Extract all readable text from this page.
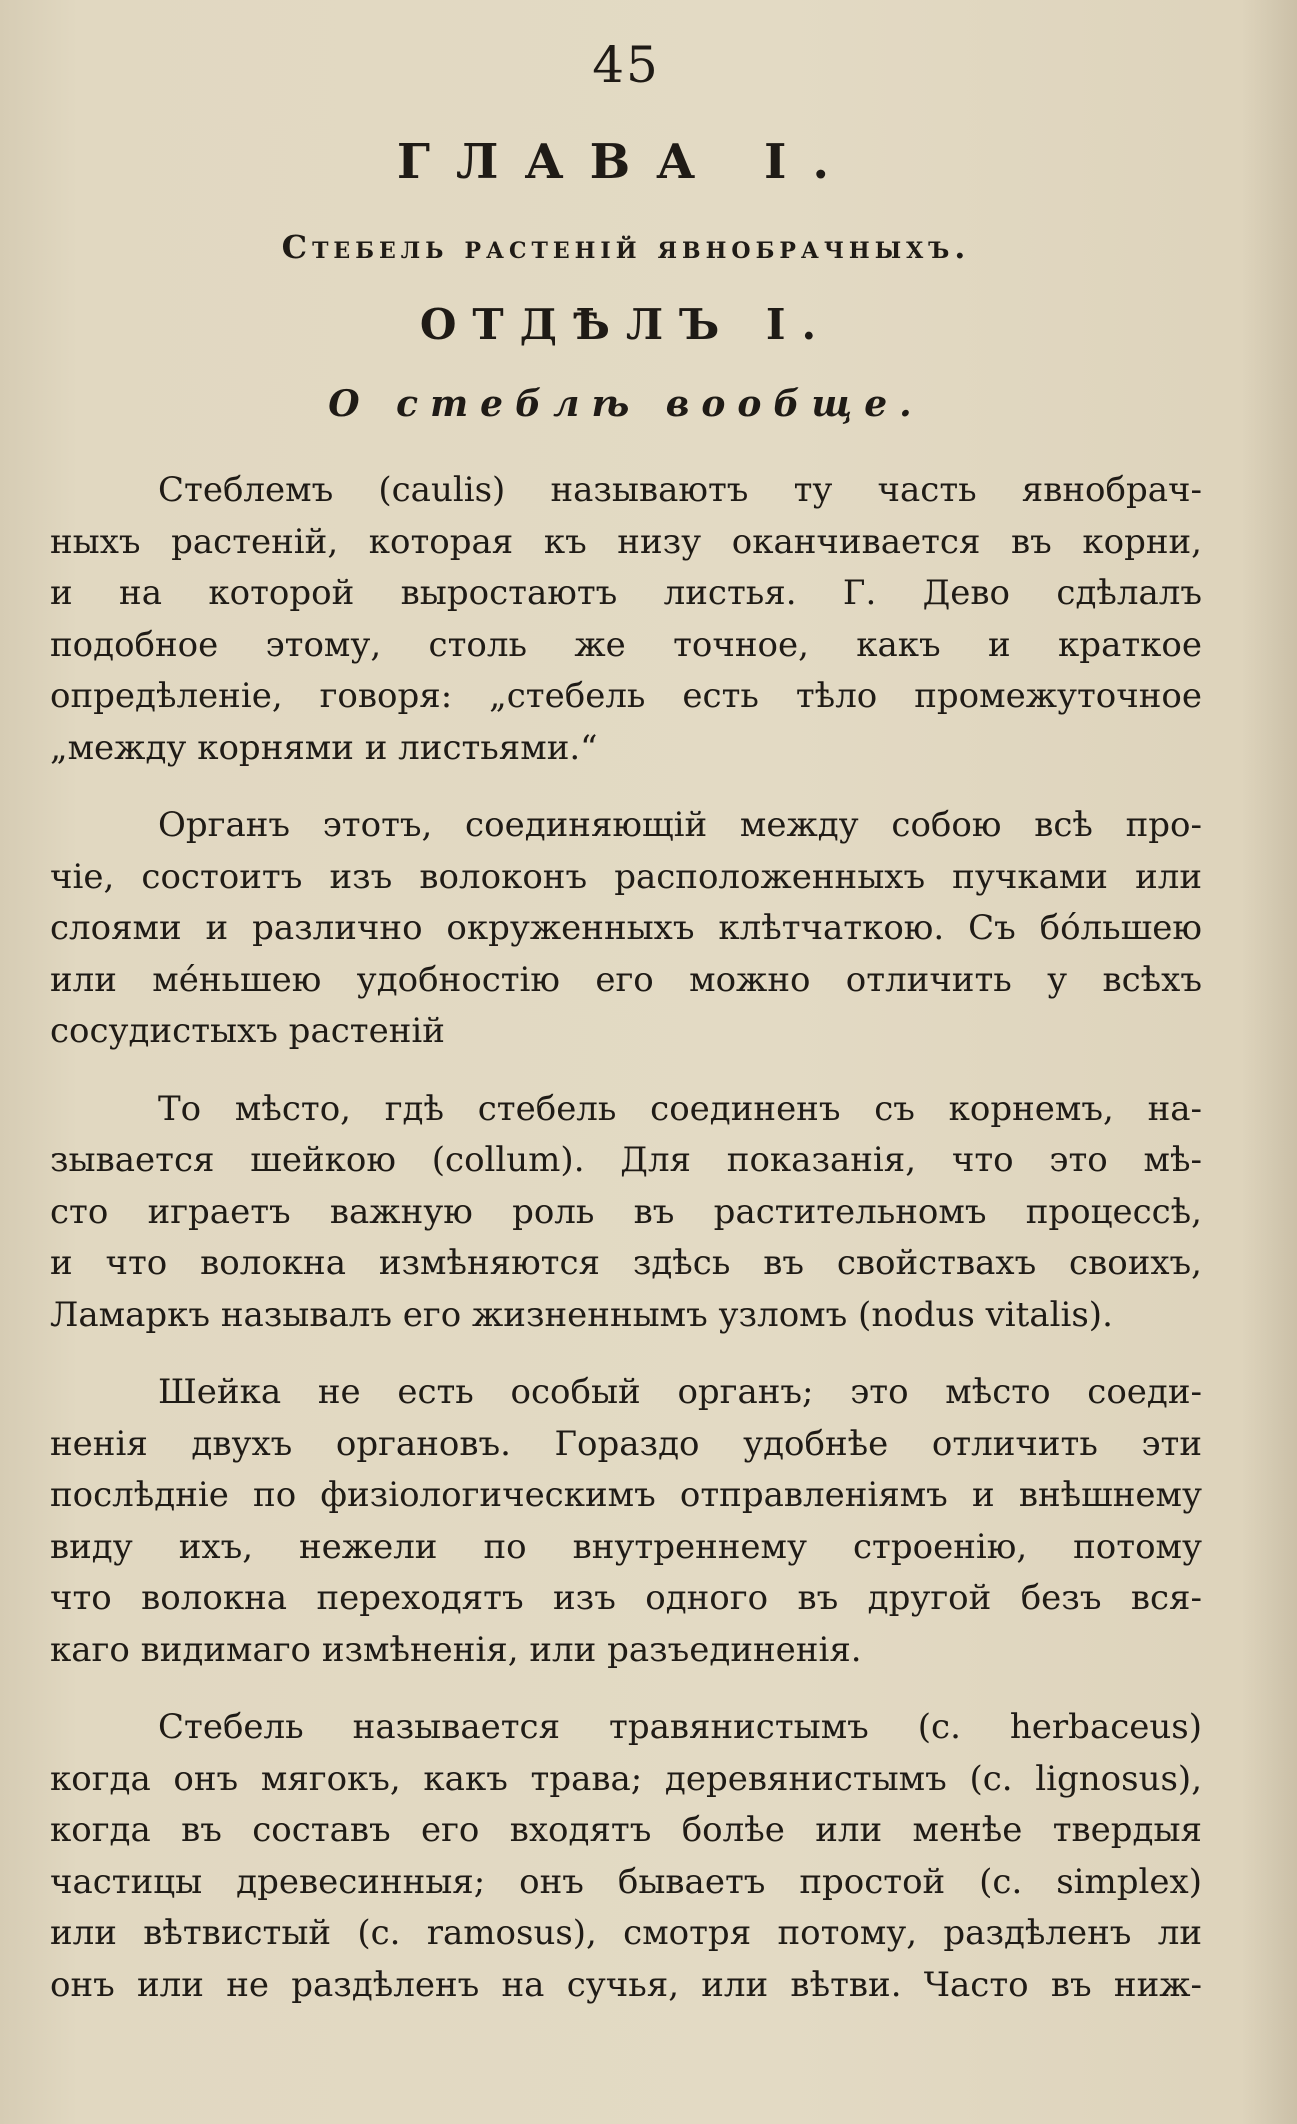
45
ГЛАВА I.
Стебель растеній явнобрачныхъ.
ОТДѢЛЪ I.
О стеблѣ вообще.
Стеблемъ (caulis) называютъ ту часть явнобрач-
ныхъ растеній, которая къ низу оканчивается въ корни,
и на которой выростаютъ листья. Г. Дево сдѣлалъ
подобное этому, столь же точное, какъ и краткое
опредѣленіе, говоря: „стебель есть тѣло промежуточное
„между корнями и листьями.“
Органъ этотъ, соединяющій между собою всѣ про-
чіе, состоитъ изъ волоконъ расположенныхъ пучками или
слоями и различно окруженныхъ клѣтчаткою. Съ бóльшею
или мéньшею удобностію его можно отличить у всѣхъ
сосудистыхъ растеній
То мѣсто, гдѣ стебель соединенъ съ корнемъ, на-
зывается шейкою (collum). Для показанія, что это мѣ-
сто играетъ важную роль въ растительномъ процессѣ,
и что волокна измѣняются здѣсь въ свойствахъ своихъ,
Ламаркъ называлъ его жизненнымъ узломъ (nodus vitalis).
Шейка не есть особый органъ; это мѣсто соеди-
ненія двухъ органовъ. Гораздо удобнѣе отличить эти
послѣдніе по физіологическимъ отправленіямъ и внѣшнему
виду ихъ, нежели по внутреннему строенію, потому
что волокна переходятъ изъ одного въ другой безъ вся-
каго видимаго измѣненія, или разъединенія.
Стебель называется травянистымъ (c. herbaceus)
когда онъ мягокъ, какъ трава; деревянистымъ (c. lignosus),
когда въ составъ его входятъ болѣе или менѣе твердыя
частицы древесинныя; онъ бываетъ простой (c. simplex)
или вѣтвистый (c. ramosus), смотря потому, раздѣленъ ли
онъ или не раздѣленъ на сучья, или вѣтви. Часто въ ниж-
